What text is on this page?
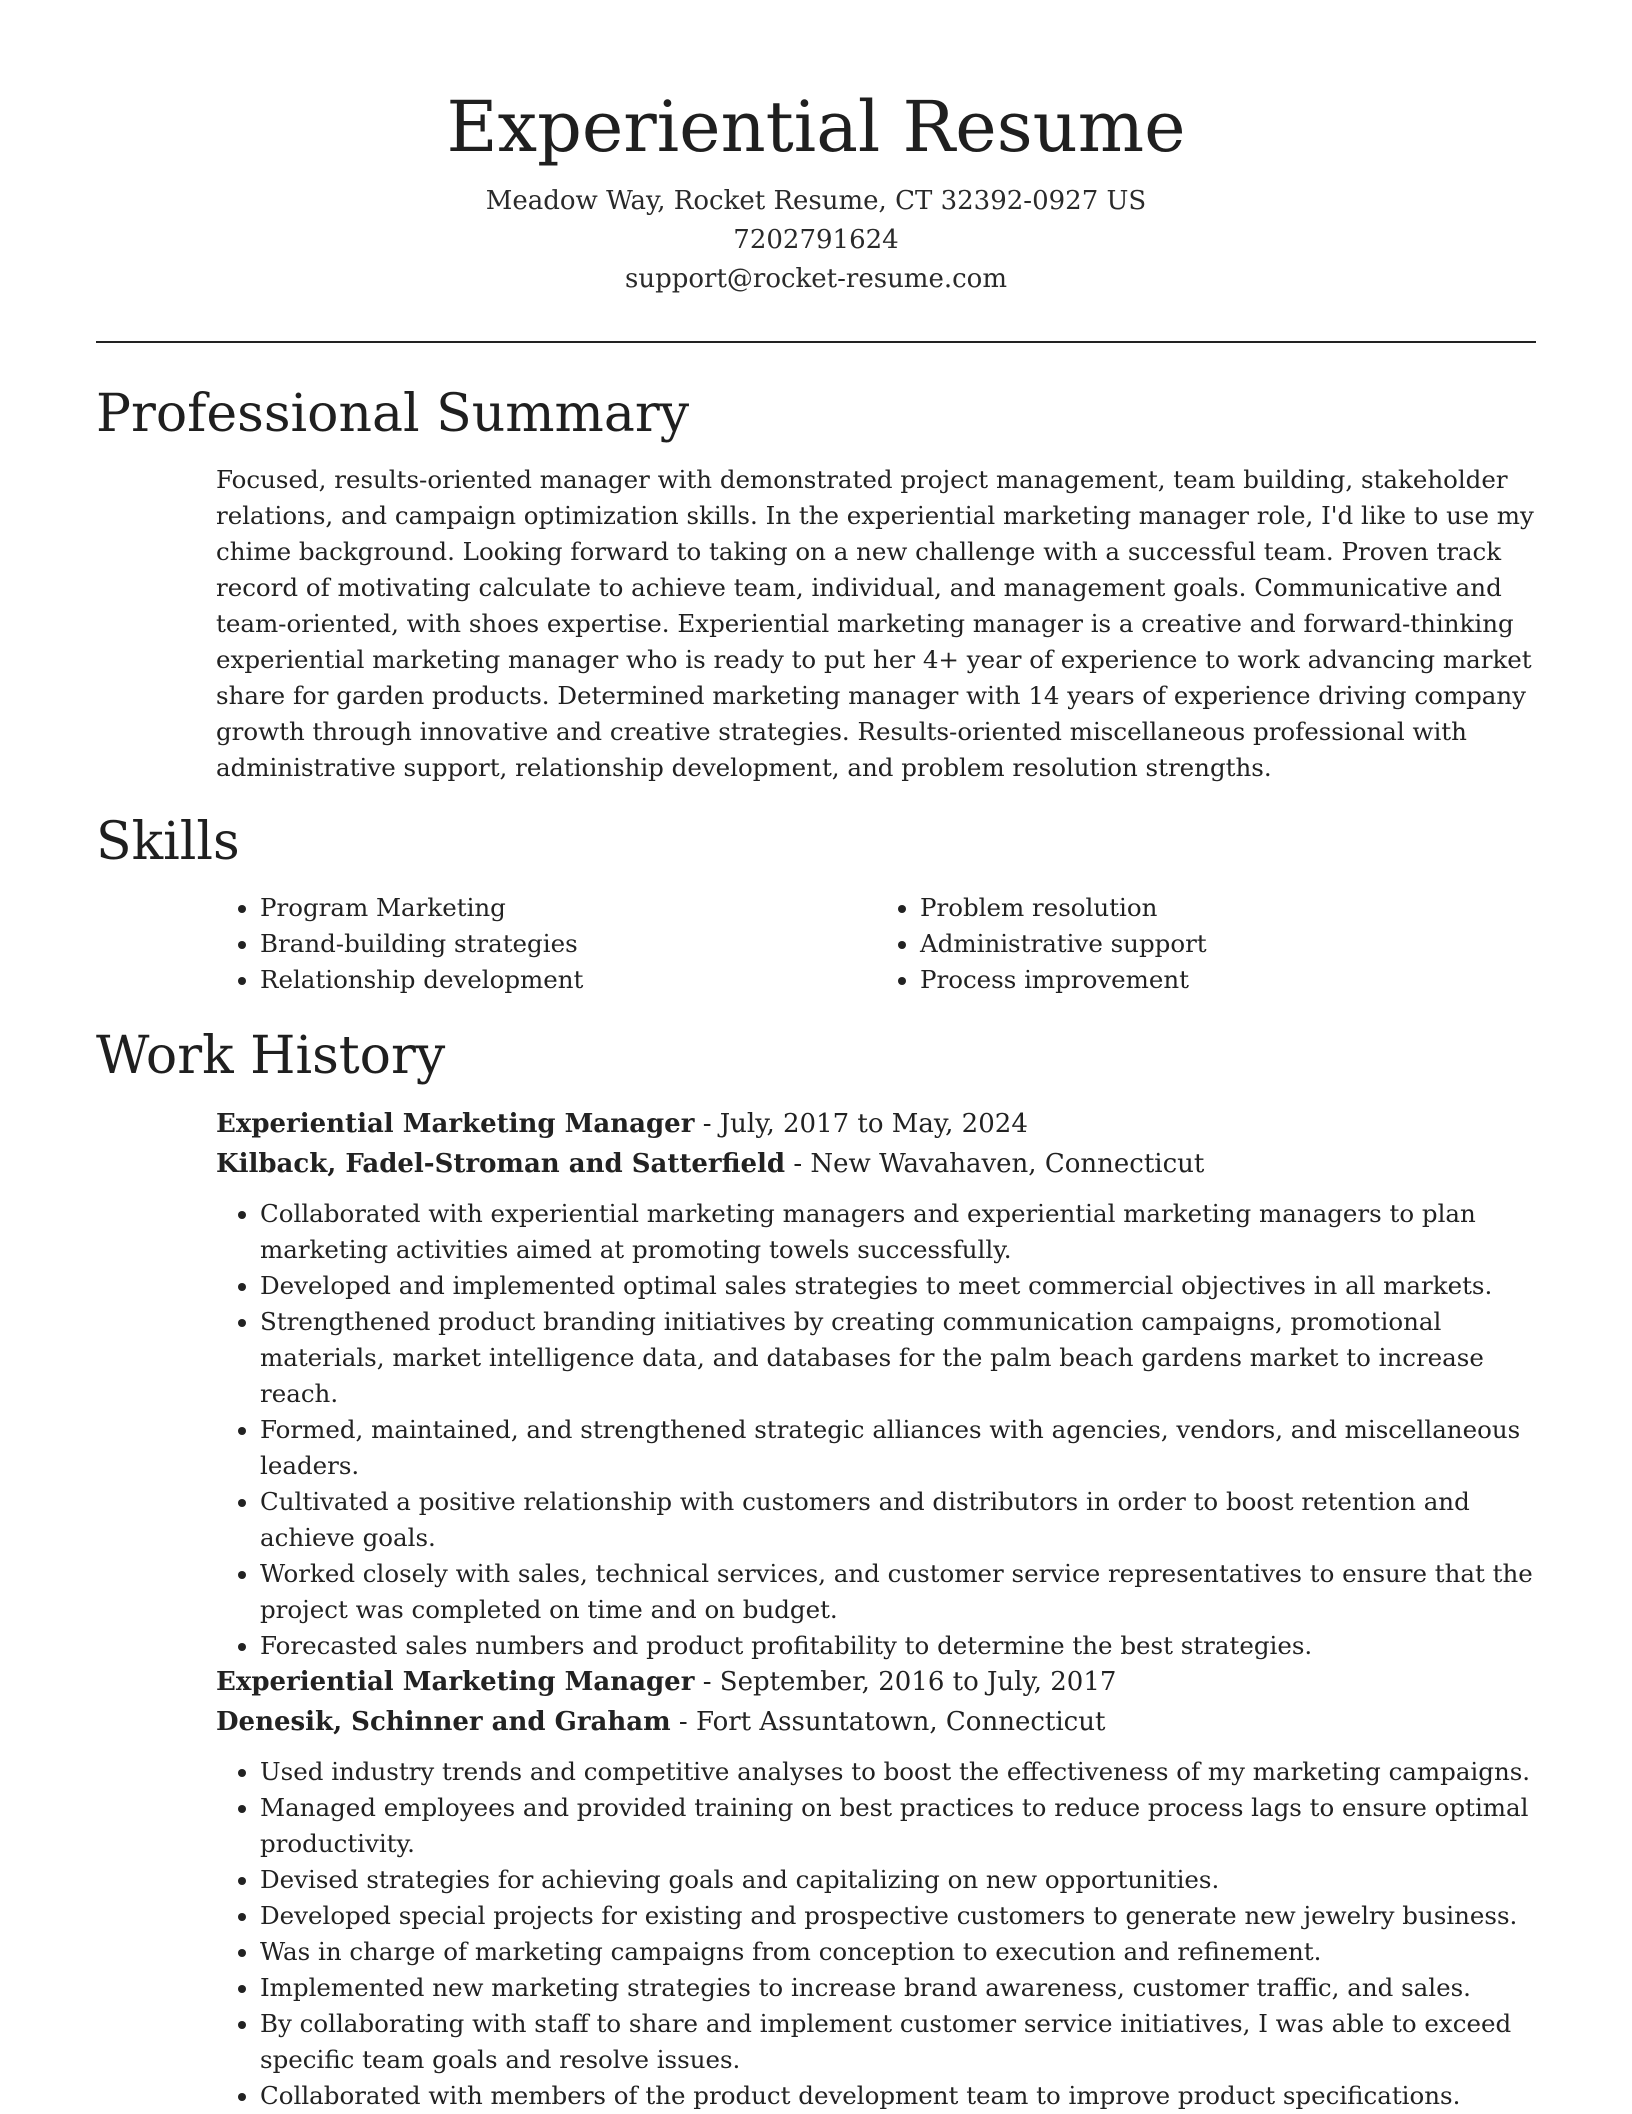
Experiential Resume

Meadow Way, Rocket Resume, CT 32392-0927 US

7202791624

support@rocket-resume.com

Professional Summary
Focused, results-oriented manager with demonstrated project management, team building, stakeholder relations, and campaign optimization skills. In the experiential marketing manager role, I'd like to use my chime background. Looking forward to taking on a new challenge with a successful team. Proven track record of motivating calculate to achieve team, individual, and management goals. Communicative and team-oriented, with shoes expertise. Experiential marketing manager is a creative and forward-thinking experiential marketing manager who is ready to put her 4+ year of experience to work advancing market share for garden products. Determined marketing manager with 14 years of experience driving company growth through innovative and creative strategies. Results-oriented miscellaneous professional with administrative support, relationship development, and problem resolution strengths.
Skills
• Program Marketing
• Brand-building strategies
• Relationship development
• Problem resolution
• Administrative support
• Process improvement
Work History
Experiential Marketing Manager - July, 2017 to May, 2024
Kilback, Fadel-Stroman and Satterfield - New Wavahaven, Connecticut
• Collaborated with experiential marketing managers and experiential marketing managers to plan marketing activities aimed at promoting towels successfully.
• Developed and implemented optimal sales strategies to meet commercial objectives in all markets.
• Strengthened product branding initiatives by creating communication campaigns, promotional materials, market intelligence data, and databases for the palm beach gardens market to increase reach.
• Formed, maintained, and strengthened strategic alliances with agencies, vendors, and miscellaneous leaders.
• Cultivated a positive relationship with customers and distributors in order to boost retention and achieve goals.
• Worked closely with sales, technical services, and customer service representatives to ensure that the project was completed on time and on budget.
• Forecasted sales numbers and product profitability to determine the best strategies.
Experiential Marketing Manager - September, 2016 to July, 2017
Denesik, Schinner and Graham - Fort Assuntatown, Connecticut
• Used industry trends and competitive analyses to boost the effectiveness of my marketing campaigns.
• Managed employees and provided training on best practices to reduce process lags to ensure optimal productivity.
• Devised strategies for achieving goals and capitalizing on new opportunities.
• Developed special projects for existing and prospective customers to generate new jewelry business.
• Was in charge of marketing campaigns from conception to execution and refinement.
• Implemented new marketing strategies to increase brand awareness, customer traffic, and sales.
• By collaborating with staff to share and implement customer service initiatives, I was able to exceed specific team goals and resolve issues.
• Collaborated with members of the product development team to improve product specifications.
